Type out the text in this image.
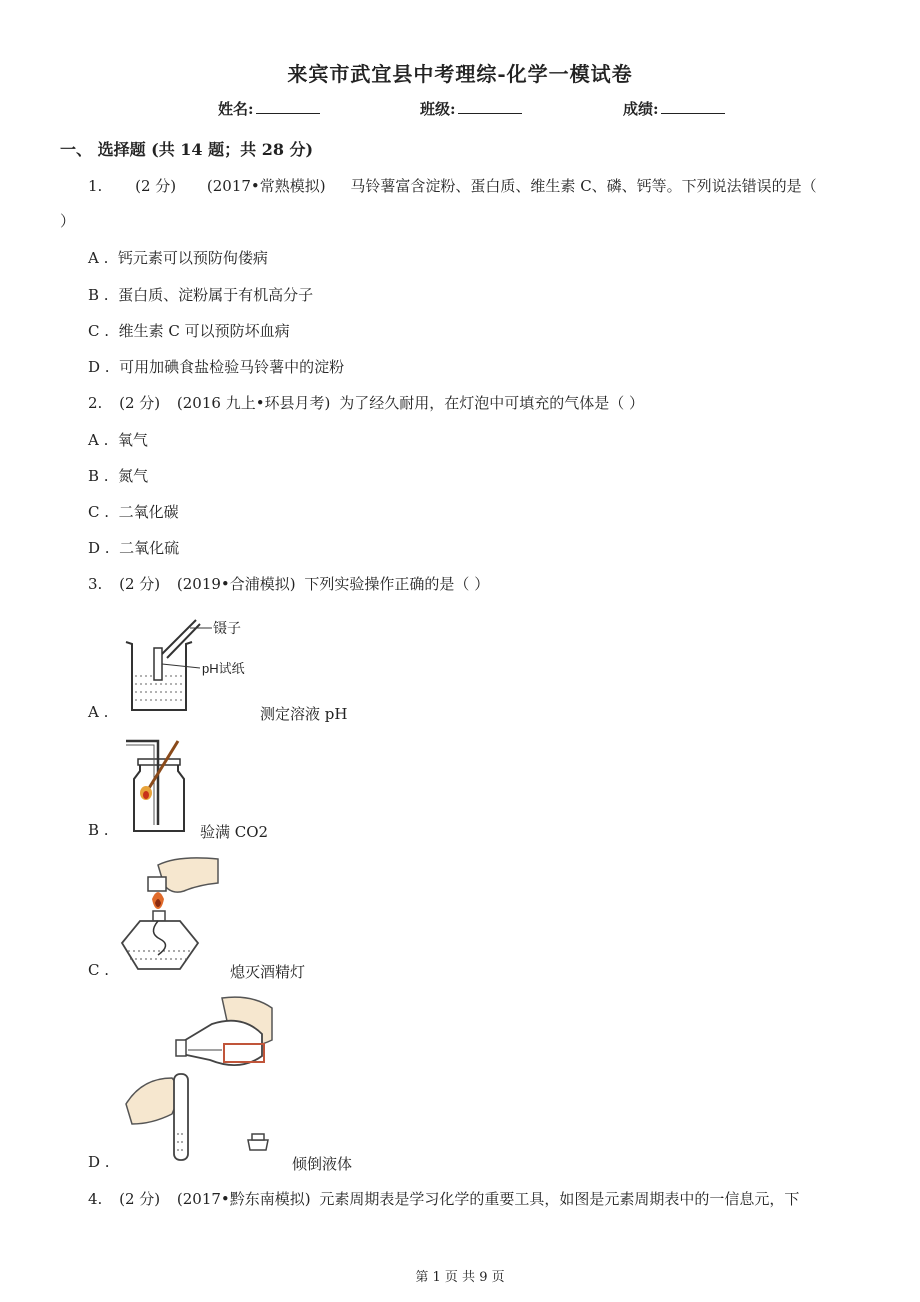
来宾市武宜县中考理综-化学一模试卷
姓名:	班级:	成绩:
一、 选择题 (共 14 题；共 28 分)
1. (2 分) (2017•常熟模拟) 马铃薯富含淀粉、蛋白质、维生素 C、磷、钙等。下列说法错误的是（
）
A . 钙元素可以预防佝偻病
B . 蛋白质、淀粉属于有机高分子
C . 维生素 C 可以预防坏血病
D . 可用加碘食盐检验马铃薯中的淀粉
2. (2 分) (2016 九上•环县月考) 为了经久耐用，在灯泡中可填充的气体是（ ）
A . 氧气
B . 氮气
C . 二氧化碳
D . 二氧化硫
3. (2 分) (2019•合浦模拟) 下列实验操作正确的是（ ）
镊子
pH试纸
A .	测定溶液 pH
B .	验满 CO2
C .	熄灭酒精灯
D .	倾倒液体
4. (2 分) (2017•黔东南模拟) 元素周期表是学习化学的重要工具，如图是元素周期表中的一信息元，下
第 1 页 共 9 页
